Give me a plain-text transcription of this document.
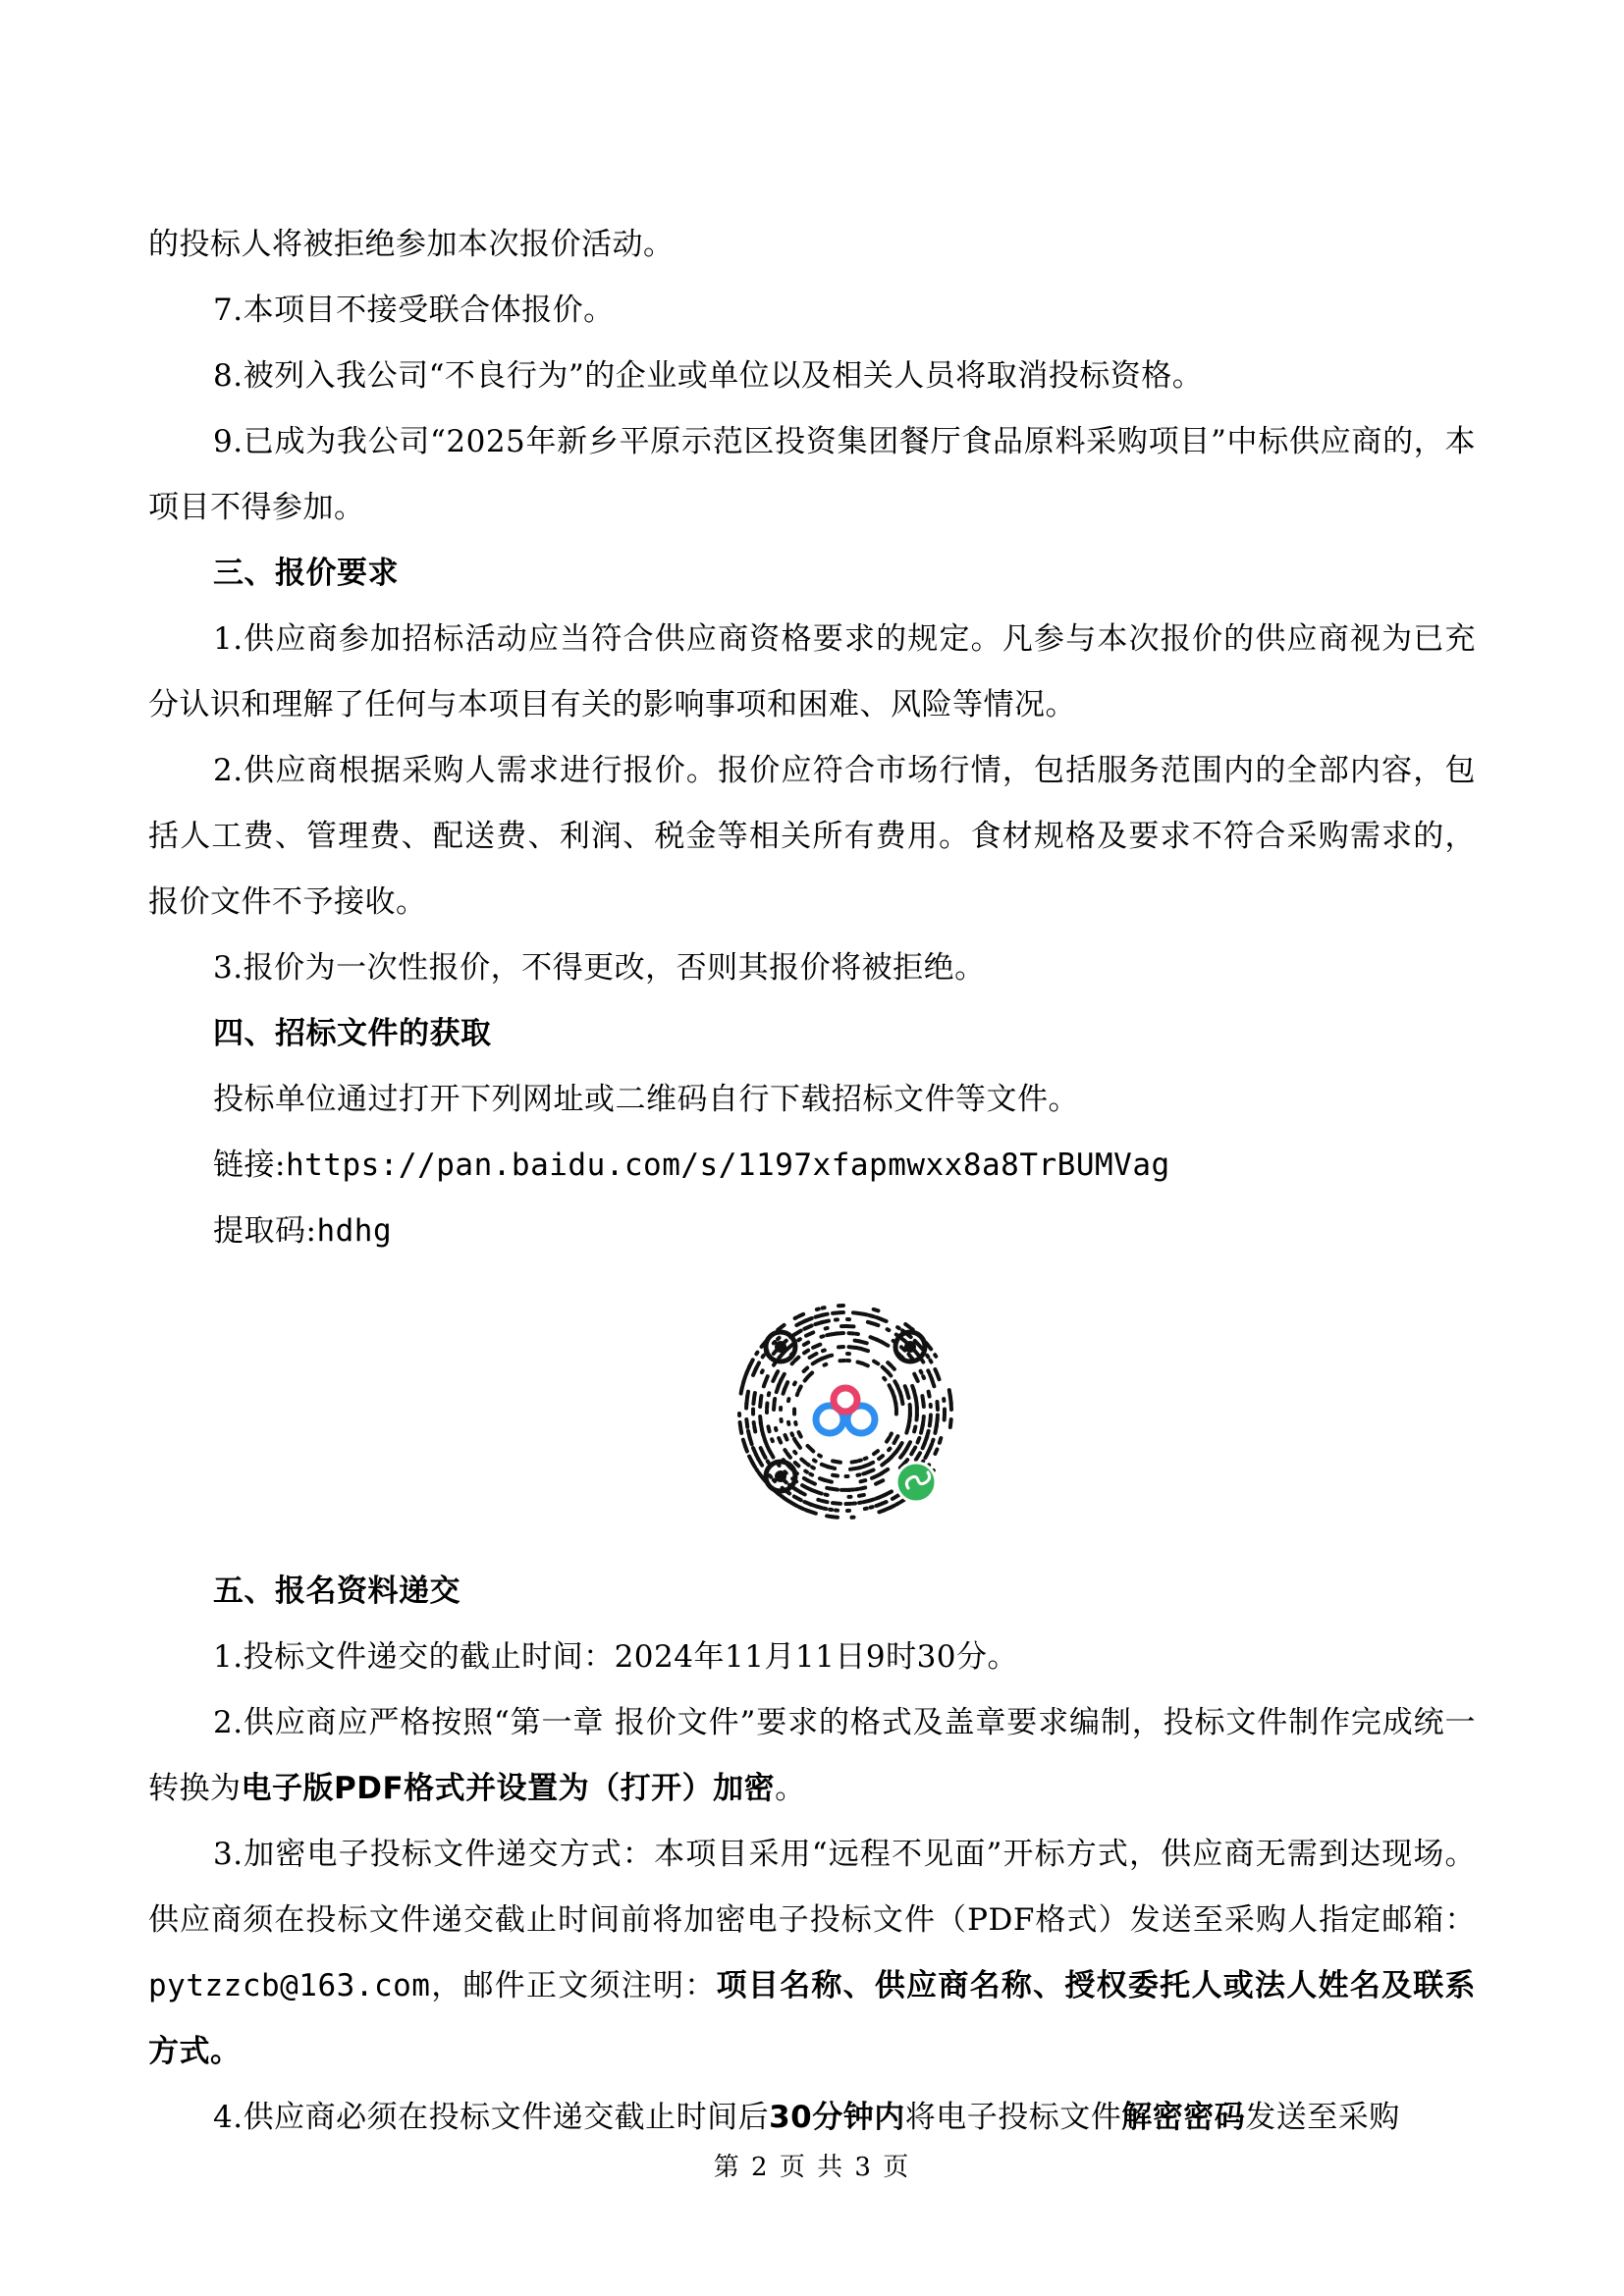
的投标人将被拒绝参加本次报价活动。

7.本项目不接受联合体报价。

8.被列入我公司“不良行为”的企业或单位以及相关人员将取消投标资格。

9.已成为我公司“2025年新乡平原示范区投资集团餐厅食品原料采购项目”中标供应商的，本项目不得参加。

三、报价要求

1.供应商参加招标活动应当符合供应商资格要求的规定。凡参与本次报价的供应商视为已充分认识和理解了任何与本项目有关的影响事项和困难、风险等情况。

2.供应商根据采购人需求进行报价。报价应符合市场行情，包括服务范围内的全部内容，包括人工费、管理费、配送费、利润、税金等相关所有费用。食材规格及要求不符合采购需求的，报价文件不予接收。

3.报价为一次性报价，不得更改，否则其报价将被拒绝。

四、招标文件的获取

投标单位通过打开下列网址或二维码自行下载招标文件等文件。

链接:https://pan.baidu.com/s/1197xfapmwxx8a8TrBUMVag

提取码:hdhg

五、报名资料递交

1.投标文件递交的截止时间：2024年11月11日9时30分。

2.供应商应严格按照“第一章 报价文件”要求的格式及盖章要求编制，投标文件制作完成统一转换为电子版PDF格式并设置为（打开）加密。

3.加密电子投标文件递交方式：本项目采用“远程不见面”开标方式，供应商无需到达现场。供应商须在投标文件递交截止时间前将加密电子投标文件（PDF格式）发送至采购人指定邮箱：pytzzcb@163.com，邮件正文须注明：项目名称、供应商名称、授权委托人或法人姓名及联系方式。

4.供应商必须在投标文件递交截止时间后30分钟内将电子投标文件解密密码发送至采购

第 2 页 共 3 页
